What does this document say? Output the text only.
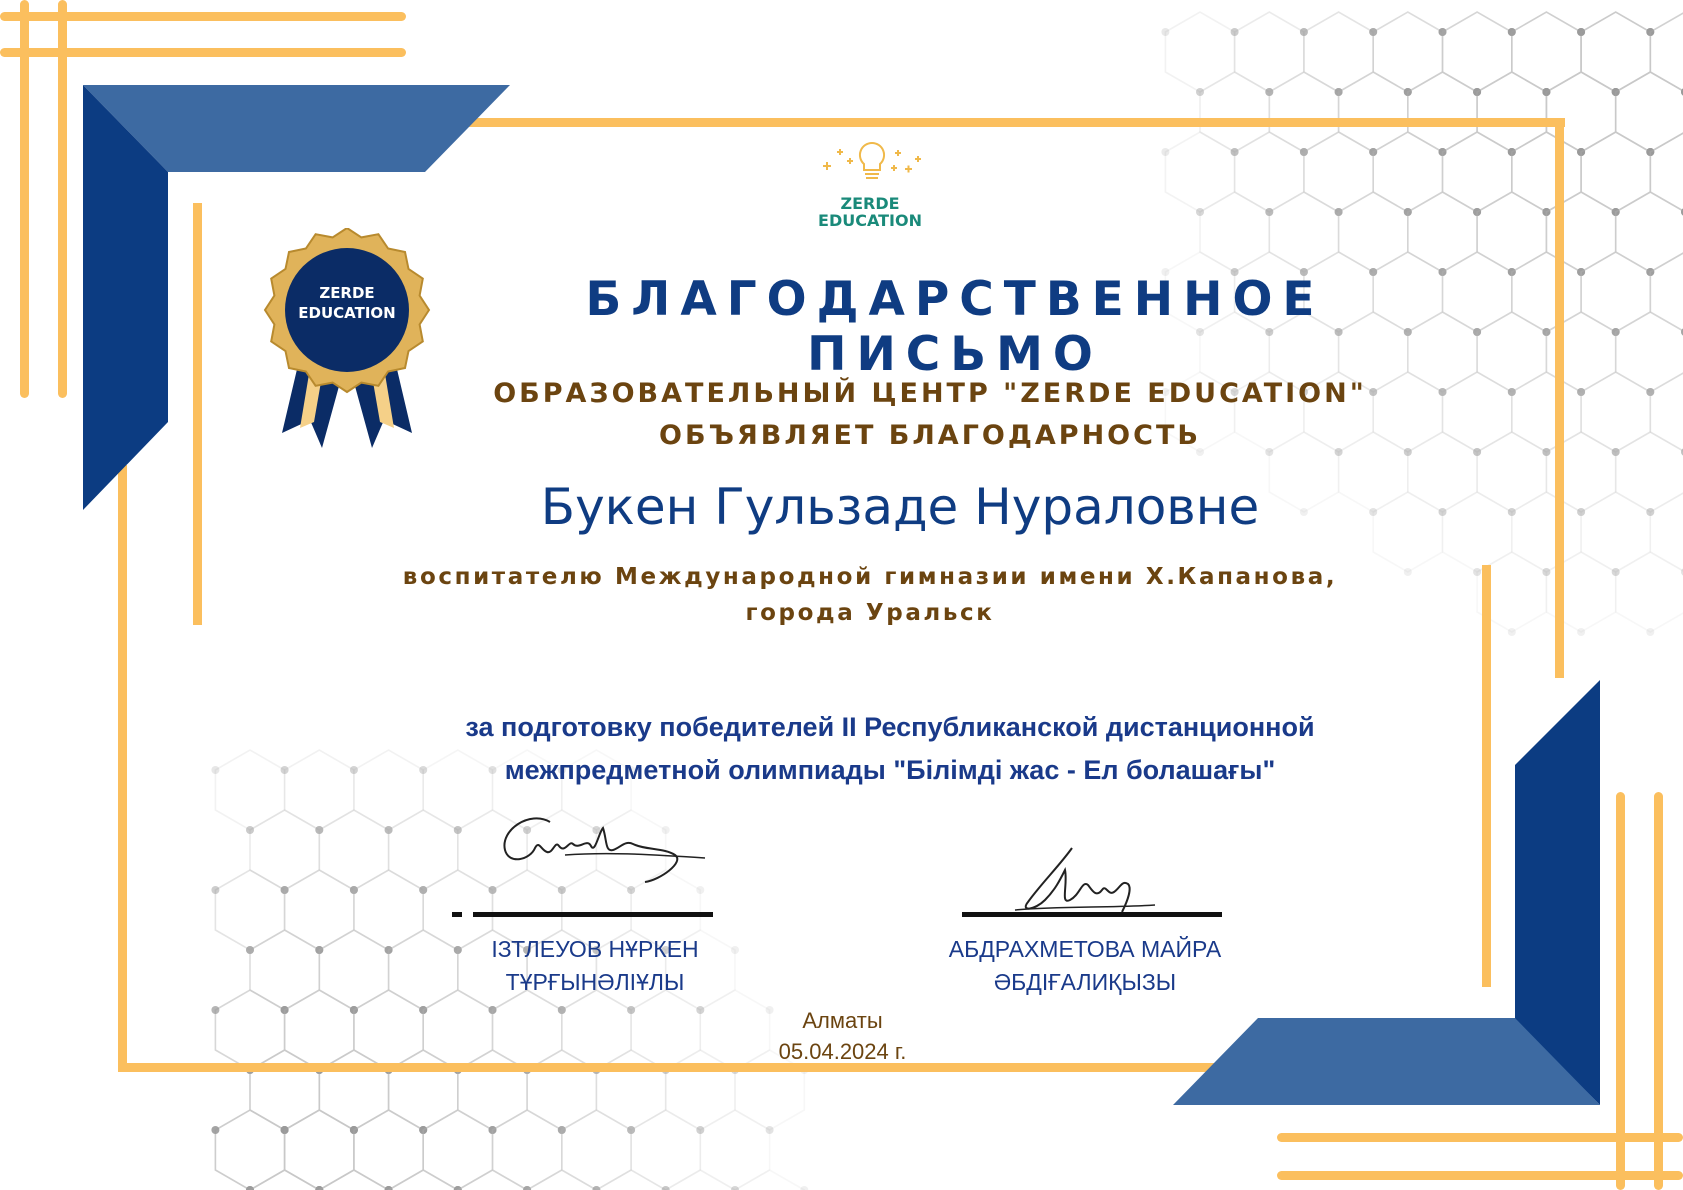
ZERDE
EDUCATION
ZERDE
EDUCATION	БЛАГОДАРСТВЕННОЕ ПИСЬМО
ОБРАЗОВАТЕЛЬНЫЙ ЦЕНТР "ZERDE EDUCATION"
ОБЪЯВЛЯЕТ БЛАГОДАРНОСТЬ
Букен Гульзаде Нураловне
воспитателю Международной гимназии имени Х.Капанова,
города Уральск
за подготовку победителей II Республиканской дистанционной
межпредметной олимпиады "Білімді жас - Ел болашағы"
ІЗТЛЕУОВ НҰРКЕН
ТҰРҒЫНӘЛІҰЛЫ
АБДРАХМЕТОВА МАЙРА
ӘБДІҒАЛИҚЫЗЫ
Алматы
05.04.2024 г.
